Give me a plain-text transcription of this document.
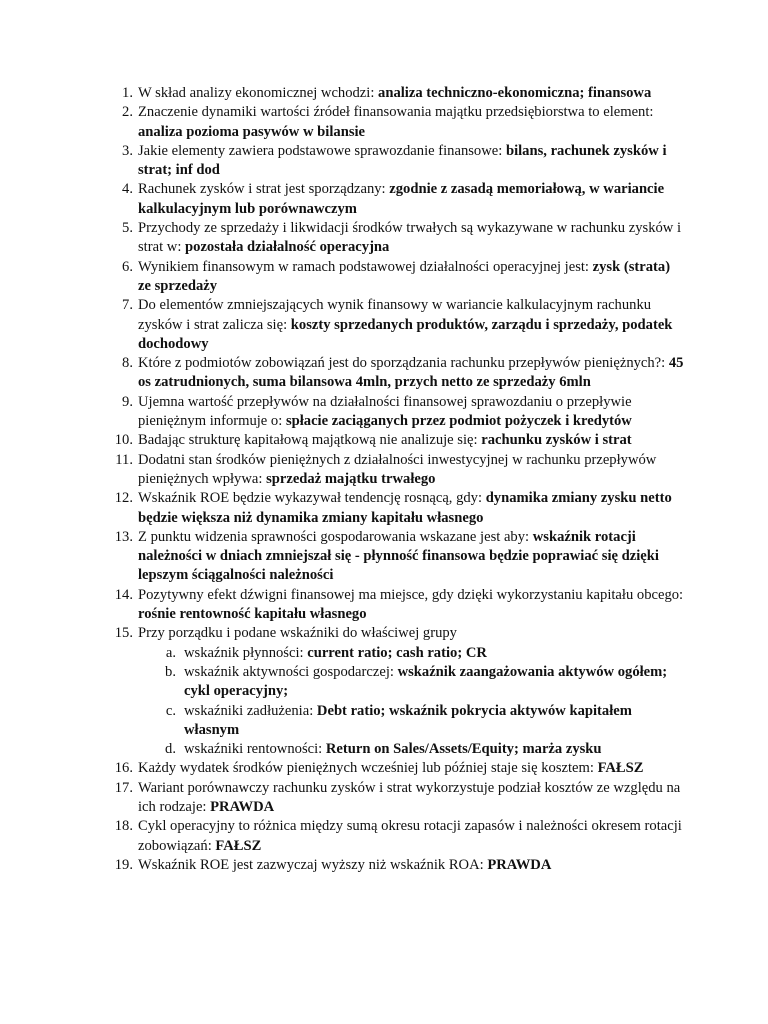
1. W skład analizy ekonomicznej wchodzi: analiza techniczno-ekonomiczna; finansowa
2. Znaczenie dynamiki wartości źródeł finansowania majątku przedsiębiorstwa to element: analiza pozioma pasywów w bilansie
3. Jakie elementy zawiera podstawowe sprawozdanie finansowe: bilans, rachunek zysków i strat; inf dod
4. Rachunek zysków i strat jest sporządzany: zgodnie z zasadą memoriałową, w wariancie kalkulacyjnym lub porównawczym
5. Przychody ze sprzedaży i likwidacji środków trwałych są wykazywane w rachunku zysków i strat w: pozostała działalność operacyjna
6. Wynikiem finansowym w ramach podstawowej działalności operacyjnej jest: zysk (strata) ze sprzedaży
7. Do elementów zmniejszających wynik finansowy w wariancie kalkulacyjnym rachunku zysków i strat zalicza się: koszty sprzedanych produktów, zarządu i sprzedaży, podatek dochodowy
8. Które z podmiotów zobowiązań jest do sporządzania rachunku przepływów pieniężnych?: 45 os zatrudnionych, suma bilansowa 4mln, przych netto ze sprzedaży 6mln
9. Ujemna wartość przepływów na działalności finansowej sprawozdaniu o przepływie pieniężnym informuje o: spłacie zaciąganych przez podmiot pożyczek i kredytów
10. Badając strukturę kapitałową majątkową nie analizuje się: rachunku zysków i strat
11. Dodatni stan środków pieniężnych z działalności inwestycyjnej w rachunku przepływów pieniężnych wpływa: sprzedaż majątku trwałego
12. Wskaźnik ROE będzie wykazywał tendencję rosnącą, gdy: dynamika zmiany zysku netto będzie większa niż dynamika zmiany kapitału własnego
13. Z punktu widzenia sprawności gospodarowania wskazane jest aby: wskaźnik rotacji należności w dniach zmniejszał się - płynność finansowa będzie poprawiać się dzięki lepszym ściągalności należności
14. Pozytywny efekt dźwigni finansowej ma miejsce, gdy dzięki wykorzystaniu kapitału obcego: rośnie rentowność kapitału własnego
15. Przy porządku i podane wskaźniki do właściwej grupy
a. wskaźnik płynności: current ratio; cash ratio; CR
b. wskaźnik aktywności gospodarczej: wskaźnik zaangażowania aktywów ogółem; cykl operacyjny;
c. wskaźniki zadłużenia: Debt ratio; wskaźnik pokrycia aktywów kapitałem własnym
d. wskaźniki rentowności: Return on Sales/Assets/Equity; marża zysku
16. Każdy wydatek środków pieniężnych wcześniej lub później staje się kosztem: FAŁSZ
17. Wariant porównawczy rachunku zysków i strat wykorzystuje podział kosztów ze względu na ich rodzaje: PRAWDA
18. Cykl operacyjny to różnica między sumą okresu rotacji zapasów i należności okresem rotacji zobowiązań: FAŁSZ
19. Wskaźnik ROE jest zazwyczaj wyższy niż wskaźnik ROA: PRAWDA
